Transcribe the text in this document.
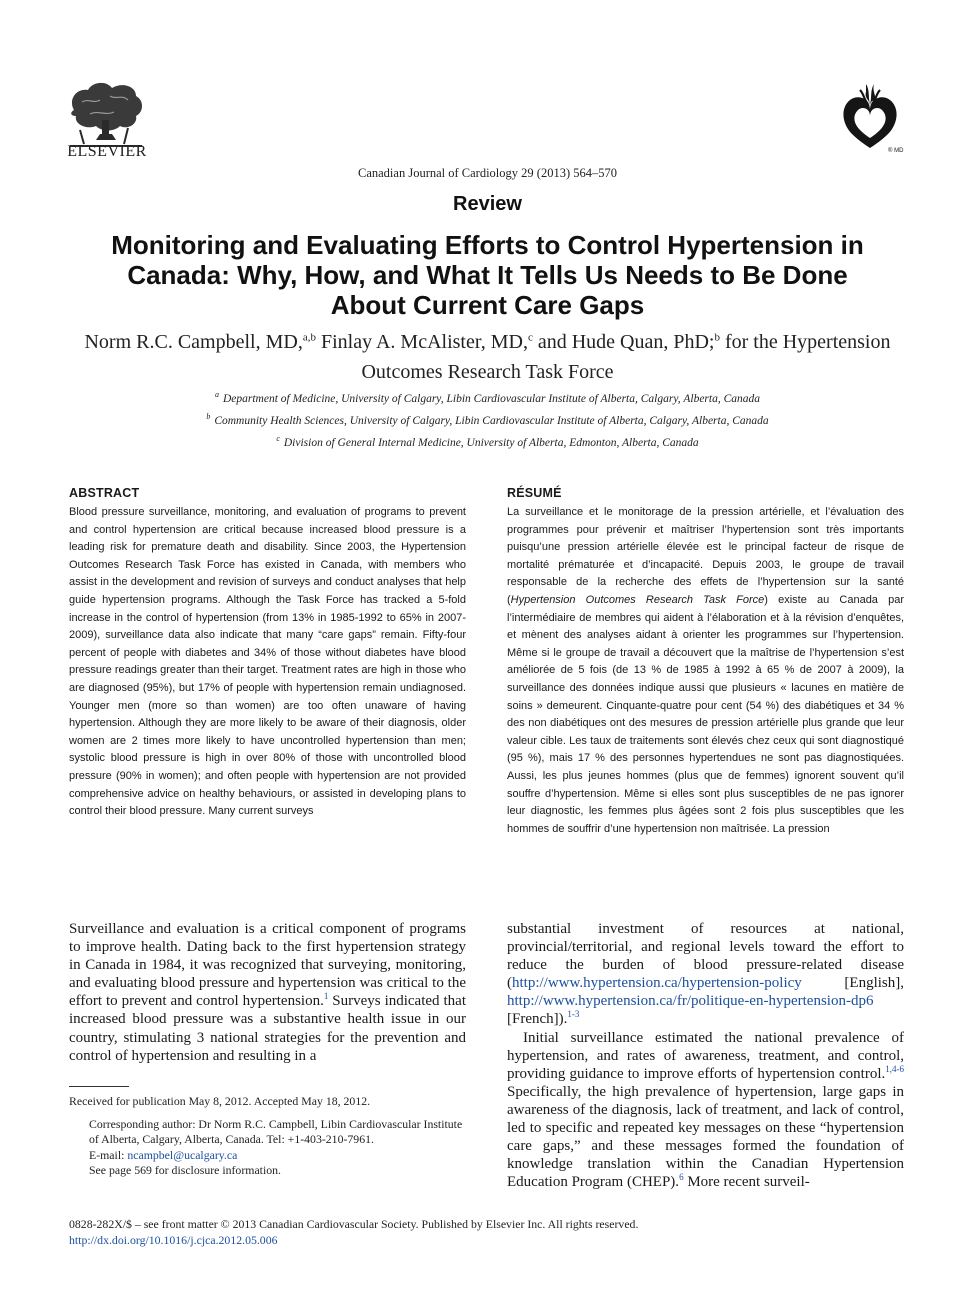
ELSEVIER	® MD
Canadian Journal of Cardiology 29 (2013) 564–570
Review
Monitoring and Evaluating Efforts to Control Hypertension in Canada: Why, How, and What It Tells Us Needs to Be Done About Current Care Gaps
Norm R.C. Campbell, MD,$^{a,b}$ Finlay A. McAlister, MD,$^c$ and Hude Quan, PhD;$^b$ for the Hypertension Outcomes Research Task Force
$^a$ Department of Medicine, University of Calgary, Libin Cardiovascular Institute of Alberta, Calgary, Alberta, Canada
$^b$ Community Health Sciences, University of Calgary, Libin Cardiovascular Institute of Alberta, Calgary, Alberta, Canada
$^c$ Division of General Internal Medicine, University of Alberta, Edmonton, Alberta, Canada

ABSTRACT

Blood pressure surveillance, monitoring, and evaluation of programs to prevent and control hypertension are critical because increased blood pressure is a leading risk for premature death and disability. Since 2003, the Hypertension Outcomes Research Task Force has existed in Canada, with members who assist in the development and revision of surveys and conduct analyses that help guide hypertension programs. Although the Task Force has tracked a 5-fold increase in the control of hypertension (from 13% in 1985-1992 to 65% in 2007-2009), surveillance data also indicate that many “care gaps” remain. Fifty-four percent of people with diabetes and 34% of those without diabetes have blood pressure readings greater than their target. Treatment rates are high in those who are diagnosed (95%), but 17% of people with hypertension remain undiagnosed. Younger men (more so than women) are too often unaware of having hypertension. Although they are more likely to be aware of their diagnosis, older women are 2 times more likely to have uncontrolled hypertension than men; systolic blood pressure is high in over 80% of those with uncontrolled blood pressure (90% in women); and often people with hypertension are not provided comprehensive advice on healthy behaviours, or assisted in developing plans to control their blood pressure. Many current surveys

RÉSUMÉ

La surveillance et le monitorage de la pression artérielle, et l’évaluation des programmes pour prévenir et maîtriser l’hypertension sont très importants puisqu’une pression artérielle élevée est le principal facteur de risque de mortalité prématurée et d’incapacité. Depuis 2003, le groupe de travail responsable de la recherche des effets de l’hypertension sur la santé (Hypertension Outcomes Research Task Force) existe au Canada par l’intermédiaire de membres qui aident à l’élaboration et à la révision d’enquêtes, et mènent des analyses aidant à orienter les programmes sur l’hypertension. Même si le groupe de travail a découvert que la maîtrise de l’hypertension s’est améliorée de 5 fois (de 13 % de 1985 à 1992 à 65 % de 2007 à 2009), la surveillance des données indique aussi que plusieurs « lacunes en matière de soins » demeurent. Cinquante-quatre pour cent (54 %) des diabétiques et 34 % des non diabétiques ont des mesures de pression artérielle plus grande que leur valeur cible. Les taux de traitements sont élevés chez ceux qui sont diagnostiqué (95 %), mais 17 % des personnes hypertendues ne sont pas diagnostiquées. Aussi, les plus jeunes hommes (plus que de femmes) ignorent souvent qu’il souffre d’hypertension. Même si elles sont plus susceptibles de ne pas ignorer leur diagnostic, les femmes plus âgées sont 2 fois plus susceptibles que les hommes de souffrir d’une hypertension non maîtrisée. La pression

Surveillance and evaluation is a critical component of programs to improve health. Dating back to the first hypertension strategy in Canada in 1984, it was recognized that surveying, monitoring, and evaluating blood pressure and hypertension was critical to the effort to prevent and control hypertension.$^1$ Surveys indicated that increased blood pressure was a substantive health issue in our country, stimulating 3 national strategies for the prevention and control of hypertension and resulting in a

substantial investment of resources at national, provincial/territorial, and regional levels toward the effort to reduce the burden of blood pressure-related disease (http://www.hypertension.ca/hypertension-policy [English], http://www.hypertension.ca/fr/politique-en-hypertension-dp6 [French]).$^{1-3}$

Initial surveillance estimated the national prevalence of hypertension, and rates of awareness, treatment, and control, providing guidance to improve efforts of hypertension control.$^{1,4-6}$ Specifically, the high prevalence of hypertension, large gaps in awareness of the diagnosis, lack of treatment, and lack of control, led to specific and repeated key messages on these “hypertension care gaps,” and these messages formed the foundation of knowledge translation within the Canadian Hypertension Education Program (CHEP).$^6$ More recent surveil-

Received for publication May 8, 2012. Accepted May 18, 2012.

Corresponding author: Dr Norm R.C. Campbell, Libin Cardiovascular Institute of Alberta, Calgary, Alberta, Canada. Tel: +1-403-210-7961.

E-mail: ncampbel@ucalgary.ca

See page 569 for disclosure information.

0828-282X/$ – see front matter © 2013 Canadian Cardiovascular Society. Published by Elsevier Inc. All rights reserved.

http://dx.doi.org/10.1016/j.cjca.2012.05.006
